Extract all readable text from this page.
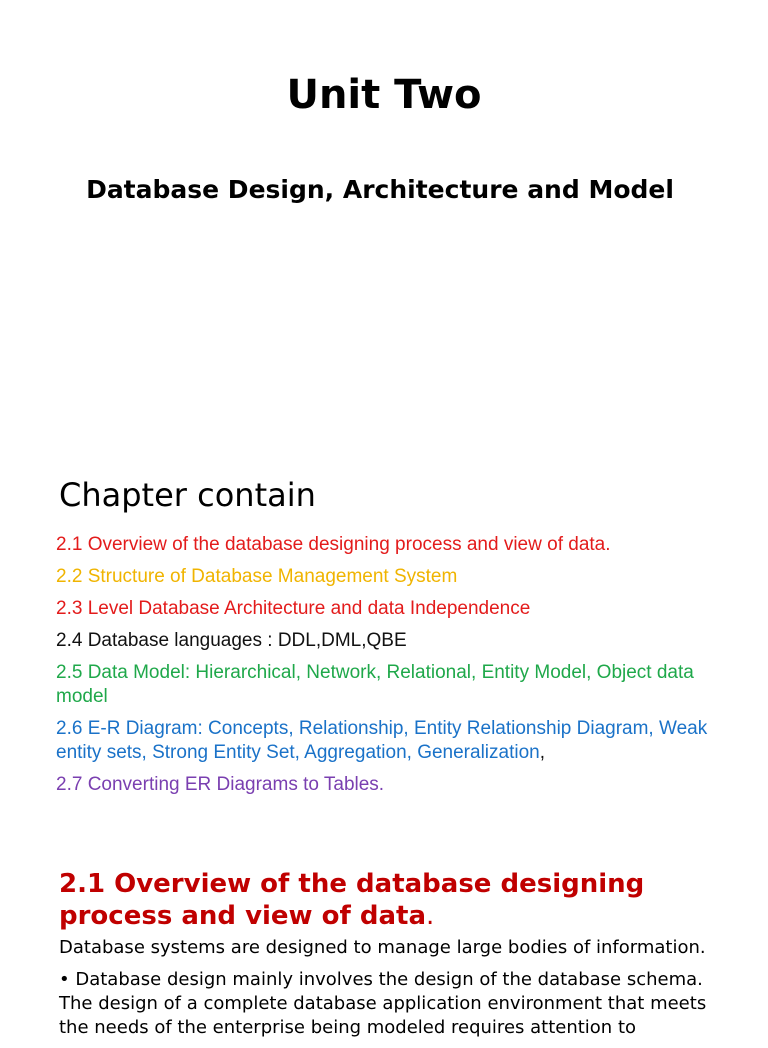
Unit Two
Database Design, Architecture and Model
Chapter contain
2.1 Overview of the database designing process and view of data.
2.2 Structure of Database Management System
2.3 Level Database Architecture and data Independence
2.4 Database languages : DDL,DML,QBE
2.5 Data Model: Hierarchical, Network, Relational, Entity Model, Object data model
2.6 E-R Diagram: Concepts, Relationship, Entity Relationship Diagram, Weak entity sets, Strong Entity Set, Aggregation, Generalization,
2.7 Converting ER Diagrams to Tables.
2.1 Overview of the database designing process and view of data.

Database systems are designed to manage large bodies of information.

• Database design mainly involves the design of the database schema. The design of a complete database application environment that meets the needs of the enterprise being modeled requires attention to
